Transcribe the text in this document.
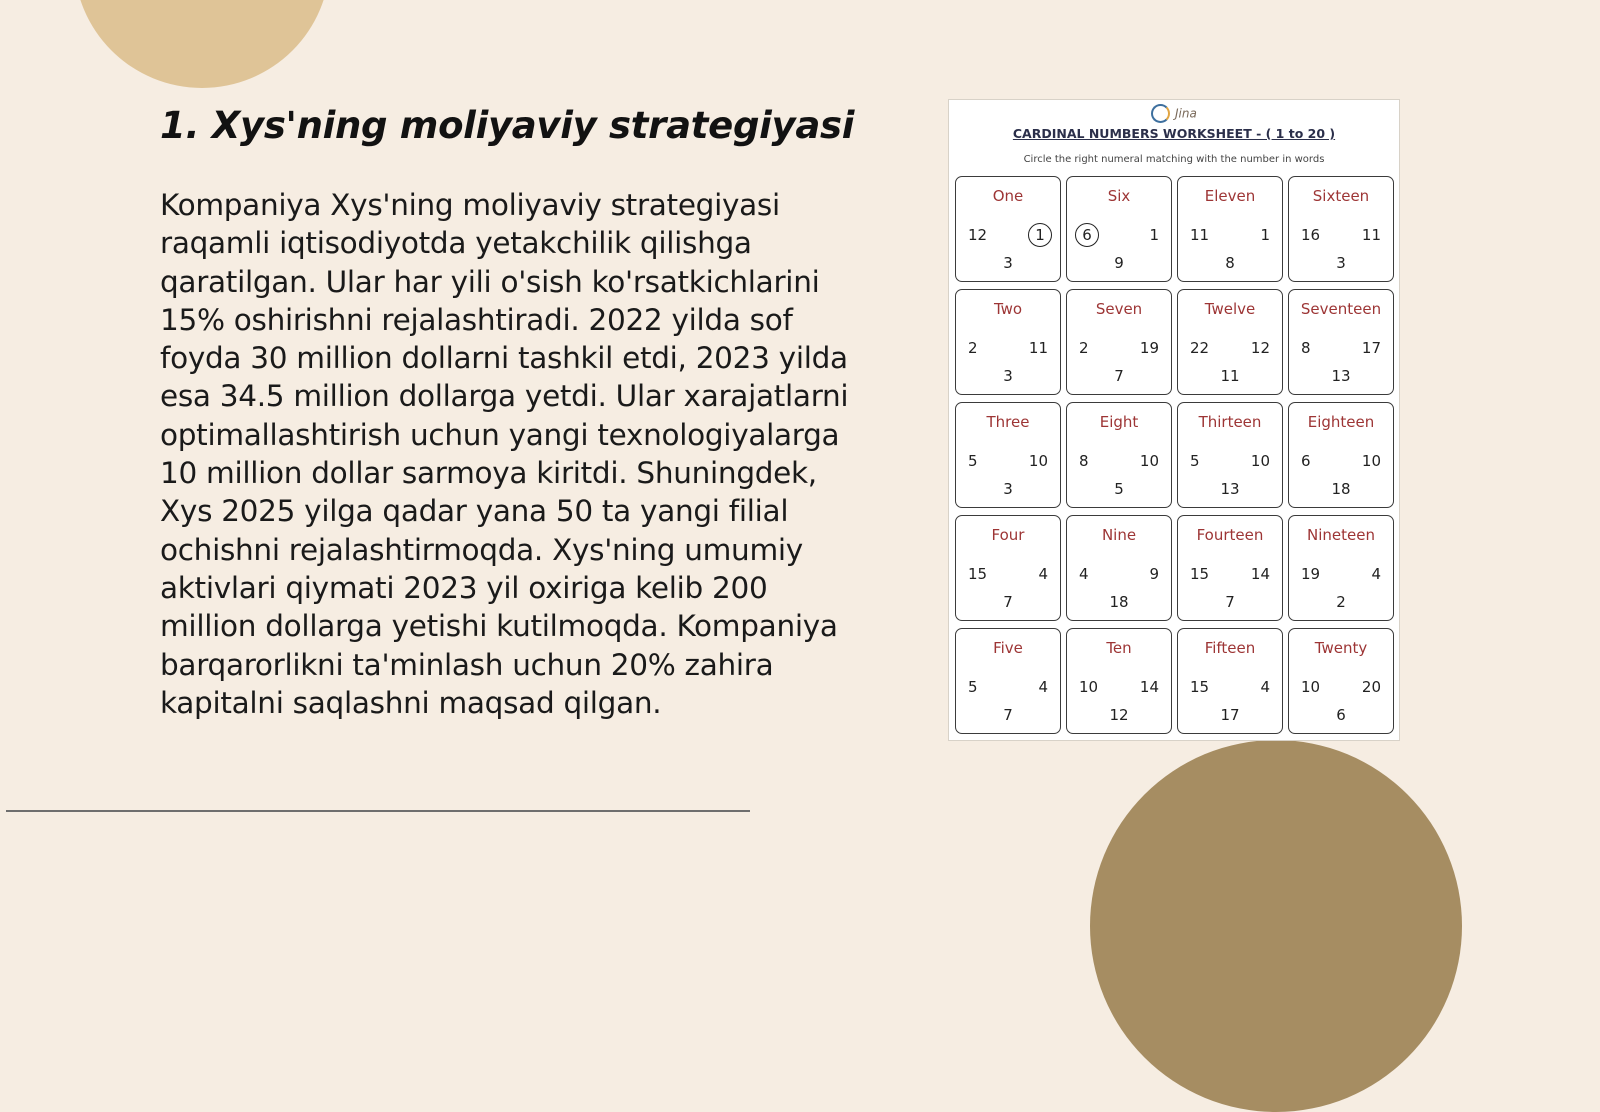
1. Xys'ning moliyaviy strategiyasi
Kompaniya Xys'ning moliyaviy strategiyasi raqamli iqtisodiyotda yetakchilik qilishga qaratilgan. Ular har yili o'sish ko'rsatkichlarini 15% oshirishni rejalashtiradi. 2022 yilda sof foyda 30 million dollarni tashkil etdi, 2023 yilda esa 34.5 million dollarga yetdi. Ular xarajatlarni optimallashtirish uchun yangi texnologiyalarga 10 million dollar sarmoya kiritdi. Shuningdek, Xys 2025 yilga qadar yana 50 ta yangi filial ochishni rejalashtirmoqda. Xys'ning umumiy aktivlari qiymati 2023 yil oxiriga kelib 200 million dollarga yetishi kutilmoqda. Kompaniya barqarorlikni ta'minlash uchun 20% zahira kapitalni saqlashni maqsad qilgan.
Jina
CARDINAL NUMBERS WORKSHEET - ( 1 to 20 )
Circle the right numeral matching with the number in words
One
12	1
3
Six
6	1
9
Eleven
11	1
8
Sixteen
16	11
3
Two
2	11
3
Seven
2	19
7
Twelve
22	12
11
Seventeen
8	17
13
Three
5	10
3
Eight
8	10
5
Thirteen
5	10
13
Eighteen
6	10
18
Four
15	4
7
Nine
4	9
18
Fourteen
15	14
7
Nineteen
19	4
2
Five
5	4
7
Ten
10	14
12
Fifteen
15	4
17
Twenty
10	20
6
